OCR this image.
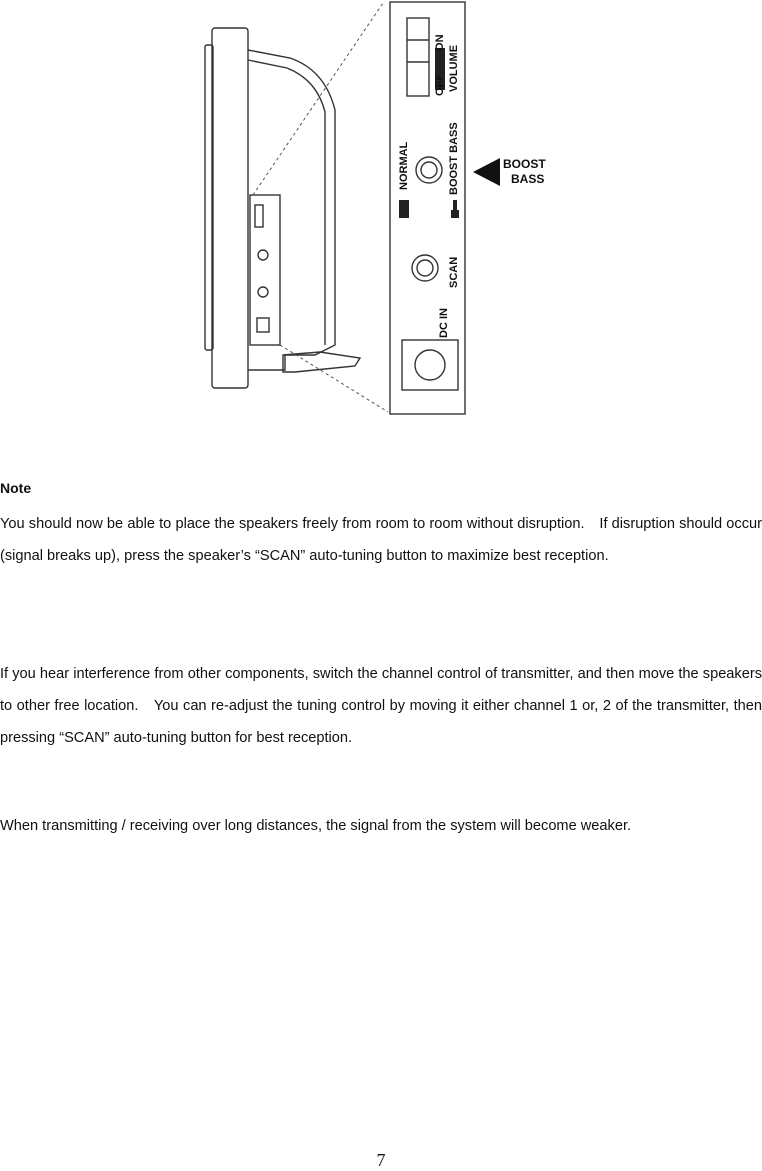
OFF ON
VOLUME
NORMAL	BOOST BASS
SCAN
DC IN
BOOST
BASS
Note

You should now be able to place the speakers freely from room to room without disruption.　If disruption should occur (signal breaks up), press the speaker’s “SCAN” auto-tuning button to maximize best reception.

If you hear interference from other components, switch the channel control of transmitter, and then move the speakers to other free location.　You can re-adjust the tuning control by moving it either channel 1 or, 2 of the transmitter, then pressing “SCAN” auto-tuning button for best reception.

When transmitting / receiving over long distances, the signal from the system will become weaker.

7
